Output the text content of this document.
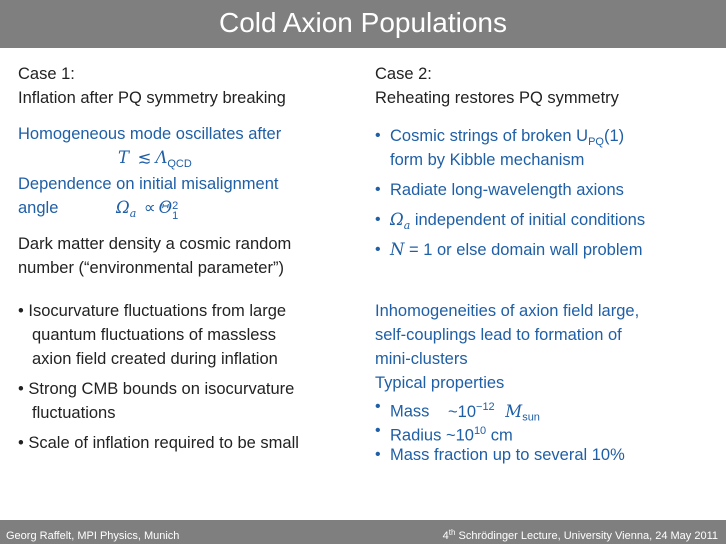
Cold Axion Populations
Case 1:
Inflation after PQ symmetry breaking
Homogeneous mode oscillates after
T ≲ $\Lambda_{QCD}$
Dependence on initial misalignment
angle	$\Omega_a \propto \Theta 2$
1
Dark matter density a cosmic random
number (“environmental parameter”)
• Isocurvature fluctuations from large
quantum fluctuations of massless
axion field created during inflation
• Strong CMB bounds on isocurvature
fluctuations
• Scale of inflation required to be small
Case 2:
Reheating restores PQ symmetry
• Cosmic strings of broken $U_{PQ}(1)$
form by Kibble mechanism
• Radiate long-wavelength axions
• $\Omega_a$ independent of initial conditions
• N = 1 or else domain wall problem
Inhomogeneities of axion field large,
self-couplings lead to formation of
mini-clusters
Typical properties
• Mass $\sim 10^{-12}$ $M_{sun}$
• Radius $\sim 10^{10}$ cm
• Mass fraction up to several 10%
Georg Raffelt, MPI Physics, Munich	4th Schrödinger Lecture, University Vienna, 24 May 2011
